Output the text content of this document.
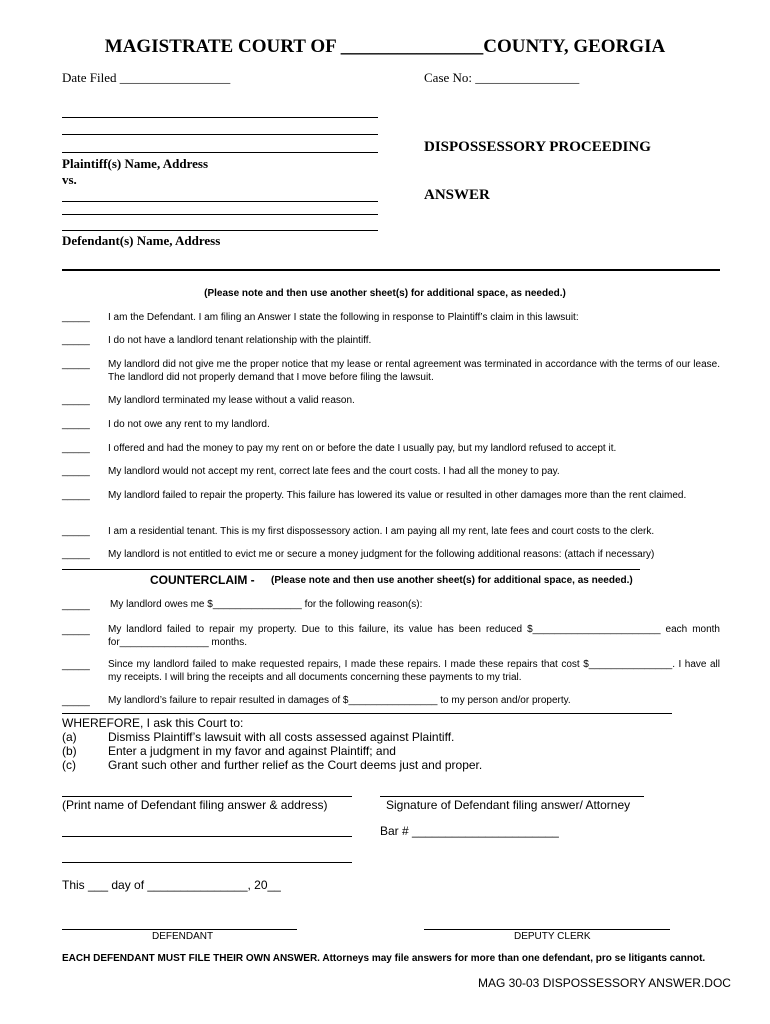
MAGISTRATE COURT OF _______________COUNTY, GEORGIA
Date Filed _________________	Case No: ________________
Plaintiff(s) Name, Address
vs.
DISPOSSESSORY PROCEEDING
ANSWER
Defendant(s) Name, Address
(Please note and then use another sheet(s) for additional space, as needed.)
_____ I am the Defendant. I am filing an Answer I state the following in response to Plaintiff’s claim in this lawsuit:
_____ I do not have a landlord tenant relationship with the plaintiff.
_____ My landlord did not give me the proper notice that my lease or rental agreement was terminated in accordance with the terms of our lease. The landlord did not properly demand that I move before filing the lawsuit.
_____ My landlord terminated my lease without a valid reason.
_____ I do not owe any rent to my landlord.
_____ I offered and had the money to pay my rent on or before the date I usually pay, but my landlord refused to accept it.
_____ My landlord would not accept my rent, correct late fees and the court costs. I had all the money to pay.
_____ My landlord failed to repair the property. This failure has lowered its value or resulted in other damages more than the rent claimed.
_____ I am a residential tenant. This is my first dispossessory action. I am paying all my rent, late fees and court costs to the clerk.
_____ My landlord is not entitled to evict me or secure a money judgment for the following additional reasons: (attach if necessary)
COUNTERCLAIM - (Please note and then use another sheet(s) for additional space, as needed.)
_____ My landlord owes me $________________ for the following reason(s):
_____ My landlord failed to repair my property. Due to this failure, its value has been reduced $_______________________ each month for________________ months.
_____ Since my landlord failed to make requested repairs, I made these repairs. I made these repairs that cost $_______________. I have all my receipts. I will bring the receipts and all documents concerning these payments to my trial.
_____ My landlord’s failure to repair resulted in damages of $________________ to my person and/or property.
WHEREFORE, I ask this Court to:
(a)	Dismiss Plaintiff’s lawsuit with all costs assessed against Plaintiff.
(b)	Enter a judgment in my favor and against Plaintiff; and
(c)	Grant such other and further relief as the Court deems just and proper.
(Print name of Defendant filing answer & address)	Signature of Defendant filing answer/ Attorney
Bar # ______________________
This ___ day of _______________, 20__
DEFENDANT	DEPUTY CLERK
EACH DEFENDANT MUST FILE THEIR OWN ANSWER. Attorneys may file answers for more than one defendant, pro se litigants cannot.
MAG 30-03 DISPOSSESSORY ANSWER.DOC
